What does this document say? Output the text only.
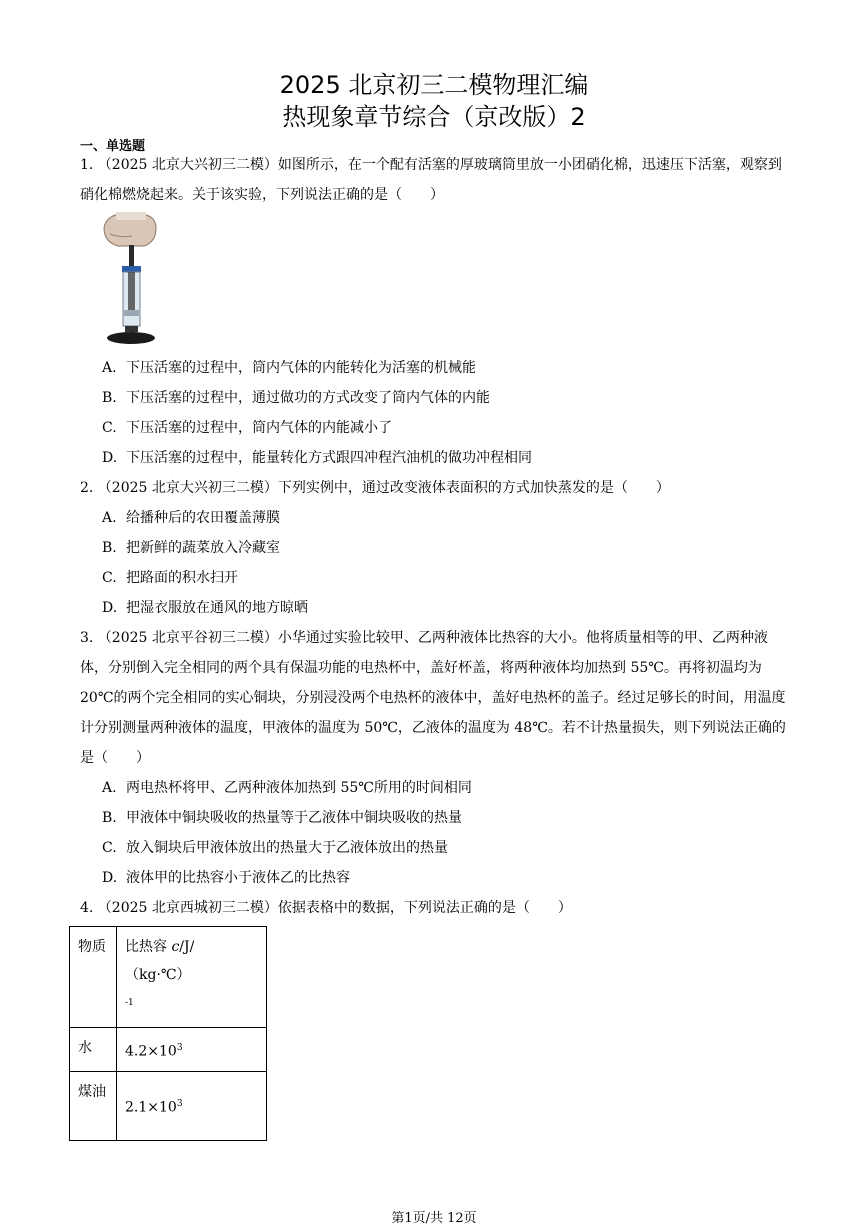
2025 北京初三二模物理汇编
热现象章节综合（京改版）2
一、单选题
1. （2025 北京大兴初三二模）如图所示，在一个配有活塞的厚玻璃筒里放一小团硝化棉，迅速压下活塞，观察到硝化棉燃烧起来。关于该实验，下列说法正确的是（　　）
A. 下压活塞的过程中，筒内气体的内能转化为活塞的机械能
B. 下压活塞的过程中，通过做功的方式改变了筒内气体的内能
C. 下压活塞的过程中，筒内气体的内能减小了
D. 下压活塞的过程中，能量转化方式跟四冲程汽油机的做功冲程相同
2. （2025 北京大兴初三二模）下列实例中，通过改变液体表面积的方式加快蒸发的是（　　）
A. 给播种后的农田覆盖薄膜
B. 把新鲜的蔬菜放入冷藏室
C. 把路面的积水扫开
D. 把湿衣服放在通风的地方晾晒
3. （2025 北京平谷初三二模）小华通过实验比较甲、乙两种液体比热容的大小。他将质量相等的甲、乙两种液体，分别倒入完全相同的两个具有保温功能的电热杯中，盖好杯盖，将两种液体均加热到 55℃。再将初温均为 20℃的两个完全相同的实心铜块，分别浸没两个电热杯的液体中，盖好电热杯的盖子。经过足够长的时间，用温度计分别测量两种液体的温度，甲液体的温度为 50℃，乙液体的温度为 48℃。若不计热量损失，则下列说法正确的是（　　）
A. 两电热杯将甲、乙两种液体加热到 55℃所用的时间相同
B. 甲液体中铜块吸收的热量等于乙液体中铜块吸收的热量
C. 放入铜块后甲液体放出的热量大于乙液体放出的热量
D. 液体甲的比热容小于液体乙的比热容
4. （2025 北京西城初三二模）依据表格中的数据，下列说法正确的是（　　）
物质	比热容 c/J/（kg·℃）
$^{-1}$
水	$4.2\times 10^3$
煤油	$2.1\times 10^3$
第1页/共 12页
